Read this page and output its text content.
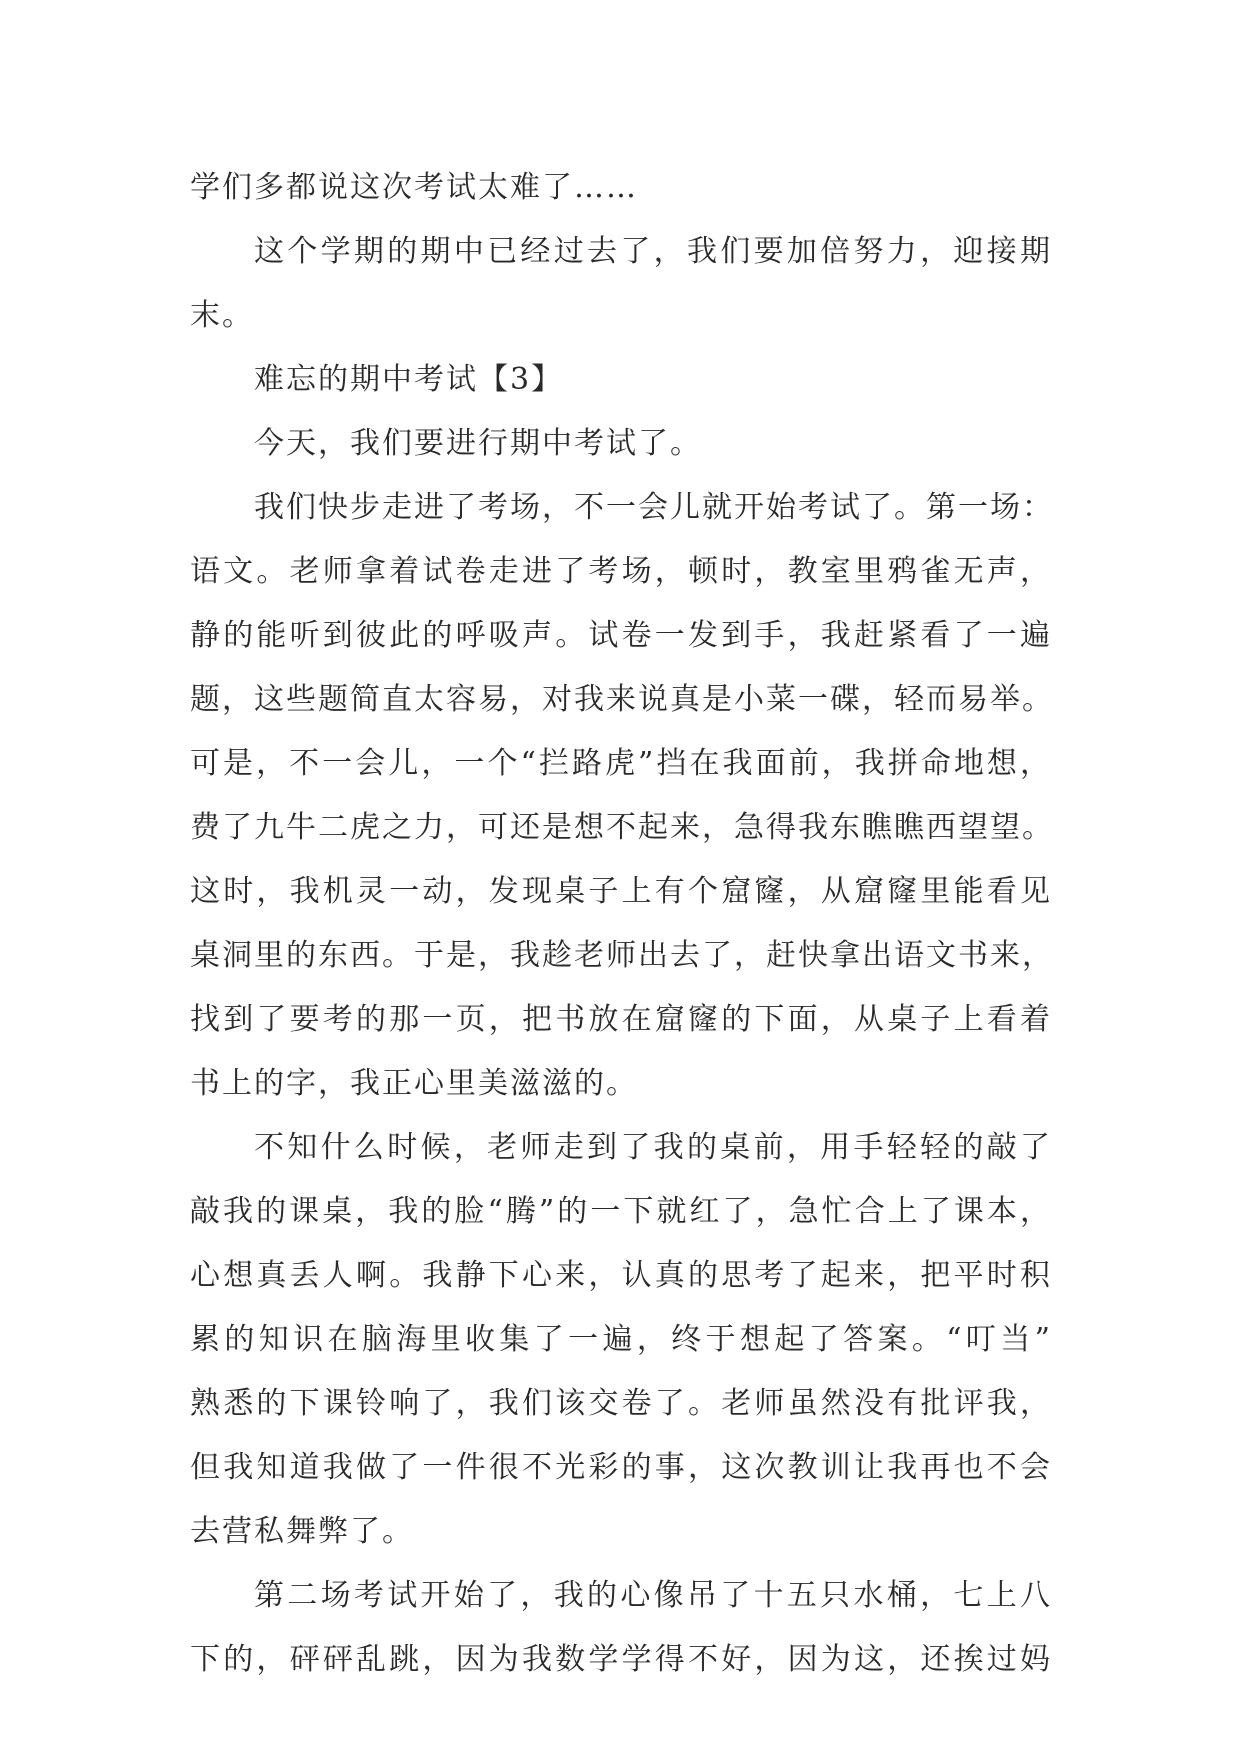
学们多都说这次考试太难了……
这个学期的期中已经过去了，我们要加倍努力，迎接期
末。
难忘的期中考试【3】
今天，我们要进行期中考试了。
我们快步走进了考场，不一会儿就开始考试了。第一场：
语文。老师拿着试卷走进了考场，顿时，教室里鸦雀无声，
静的能听到彼此的呼吸声。试卷一发到手，我赶紧看了一遍
题，这些题简直太容易，对我来说真是小菜一碟，轻而易举。
可是，不一会儿，一个“拦路虎”挡在我面前，我拼命地想，
费了九牛二虎之力，可还是想不起来，急得我东瞧瞧西望望。
这时，我机灵一动，发现桌子上有个窟窿，从窟窿里能看见
桌洞里的东西。于是，我趁老师出去了，赶快拿出语文书来，
找到了要考的那一页，把书放在窟窿的下面，从桌子上看着
书上的字，我正心里美滋滋的。
不知什么时候，老师走到了我的桌前，用手轻轻的敲了
敲我的课桌，我的脸“腾”的一下就红了，急忙合上了课本，
心想真丢人啊。我静下心来，认真的思考了起来，把平时积
累的知识在脑海里收集了一遍，终于想起了答案。“叮当”
熟悉的下课铃响了，我们该交卷了。老师虽然没有批评我，
但我知道我做了一件很不光彩的事，这次教训让我再也不会
去营私舞弊了。
第二场考试开始了，我的心像吊了十五只水桶，七上八
下的，砰砰乱跳，因为我数学学得不好，因为这，还挨过妈
